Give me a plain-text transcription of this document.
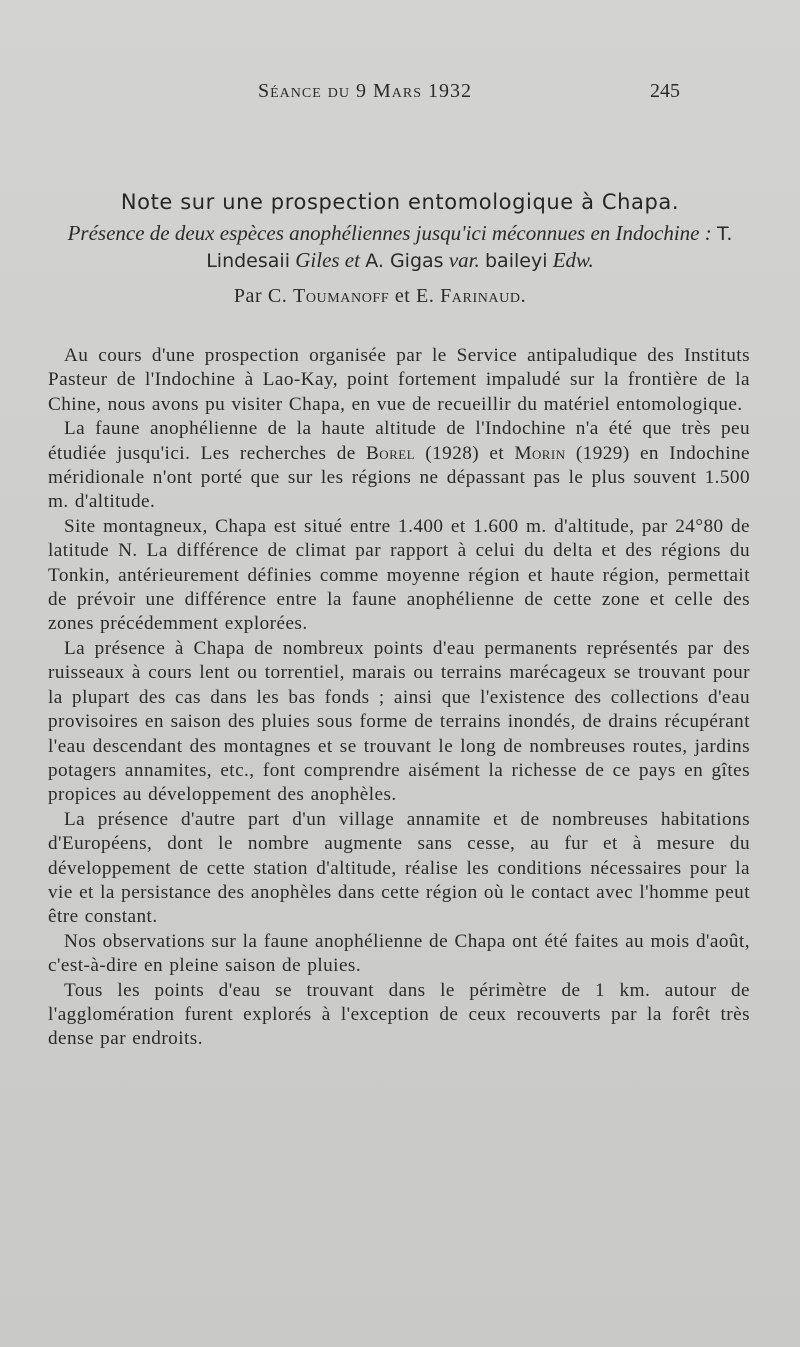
Séance du 9 Mars 1932	245

Note sur une prospection entomologique à Chapa.

Présence de deux espèces anophéliennes jusqu'ici méconnues en Indochine : T. Lindesaii Giles et A. Gigas var. baileyi Edw.

Par C. Toumanoff et E. Farinaud.

Au cours d'une prospection organisée par le Service antipaludique des Instituts Pasteur de l'Indochine à Lao-Kay, point fortement impaludé sur la frontière de la Chine, nous avons pu visiter Chapa, en vue de recueillir du matériel entomologique.

La faune anophélienne de la haute altitude de l'Indochine n'a été que très peu étudiée jusqu'ici. Les recherches de Borel (1928) et Morin (1929) en Indochine méridionale n'ont porté que sur les régions ne dépassant pas le plus souvent 1.500 m. d'altitude.

Site montagneux, Chapa est situé entre 1.400 et 1.600 m. d'altitude, par 24°80 de latitude N. La différence de climat par rapport à celui du delta et des régions du Tonkin, antérieurement définies comme moyenne région et haute région, permettait de prévoir une différence entre la faune anophélienne de cette zone et celle des zones précédemment explorées.

La présence à Chapa de nombreux points d'eau permanents représentés par des ruisseaux à cours lent ou torrentiel, marais ou terrains marécageux se trouvant pour la plupart des cas dans les bas fonds ; ainsi que l'existence des collections d'eau provisoires en saison des pluies sous forme de terrains inondés, de drains récupérant l'eau descendant des montagnes et se trouvant le long de nombreuses routes, jardins potagers annamites, etc., font comprendre aisément la richesse de ce pays en gîtes propices au développement des anophèles.

La présence d'autre part d'un village annamite et de nombreuses habitations d'Européens, dont le nombre augmente sans cesse, au fur et à mesure du développement de cette station d'altitude, réalise les conditions nécessaires pour la vie et la persistance des anophèles dans cette région où le contact avec l'homme peut être constant.

Nos observations sur la faune anophélienne de Chapa ont été faites au mois d'août, c'est-à-dire en pleine saison de pluies.

Tous les points d'eau se trouvant dans le périmètre de 1 km. autour de l'agglomération furent explorés à l'exception de ceux recouverts par la forêt très dense par endroits.
